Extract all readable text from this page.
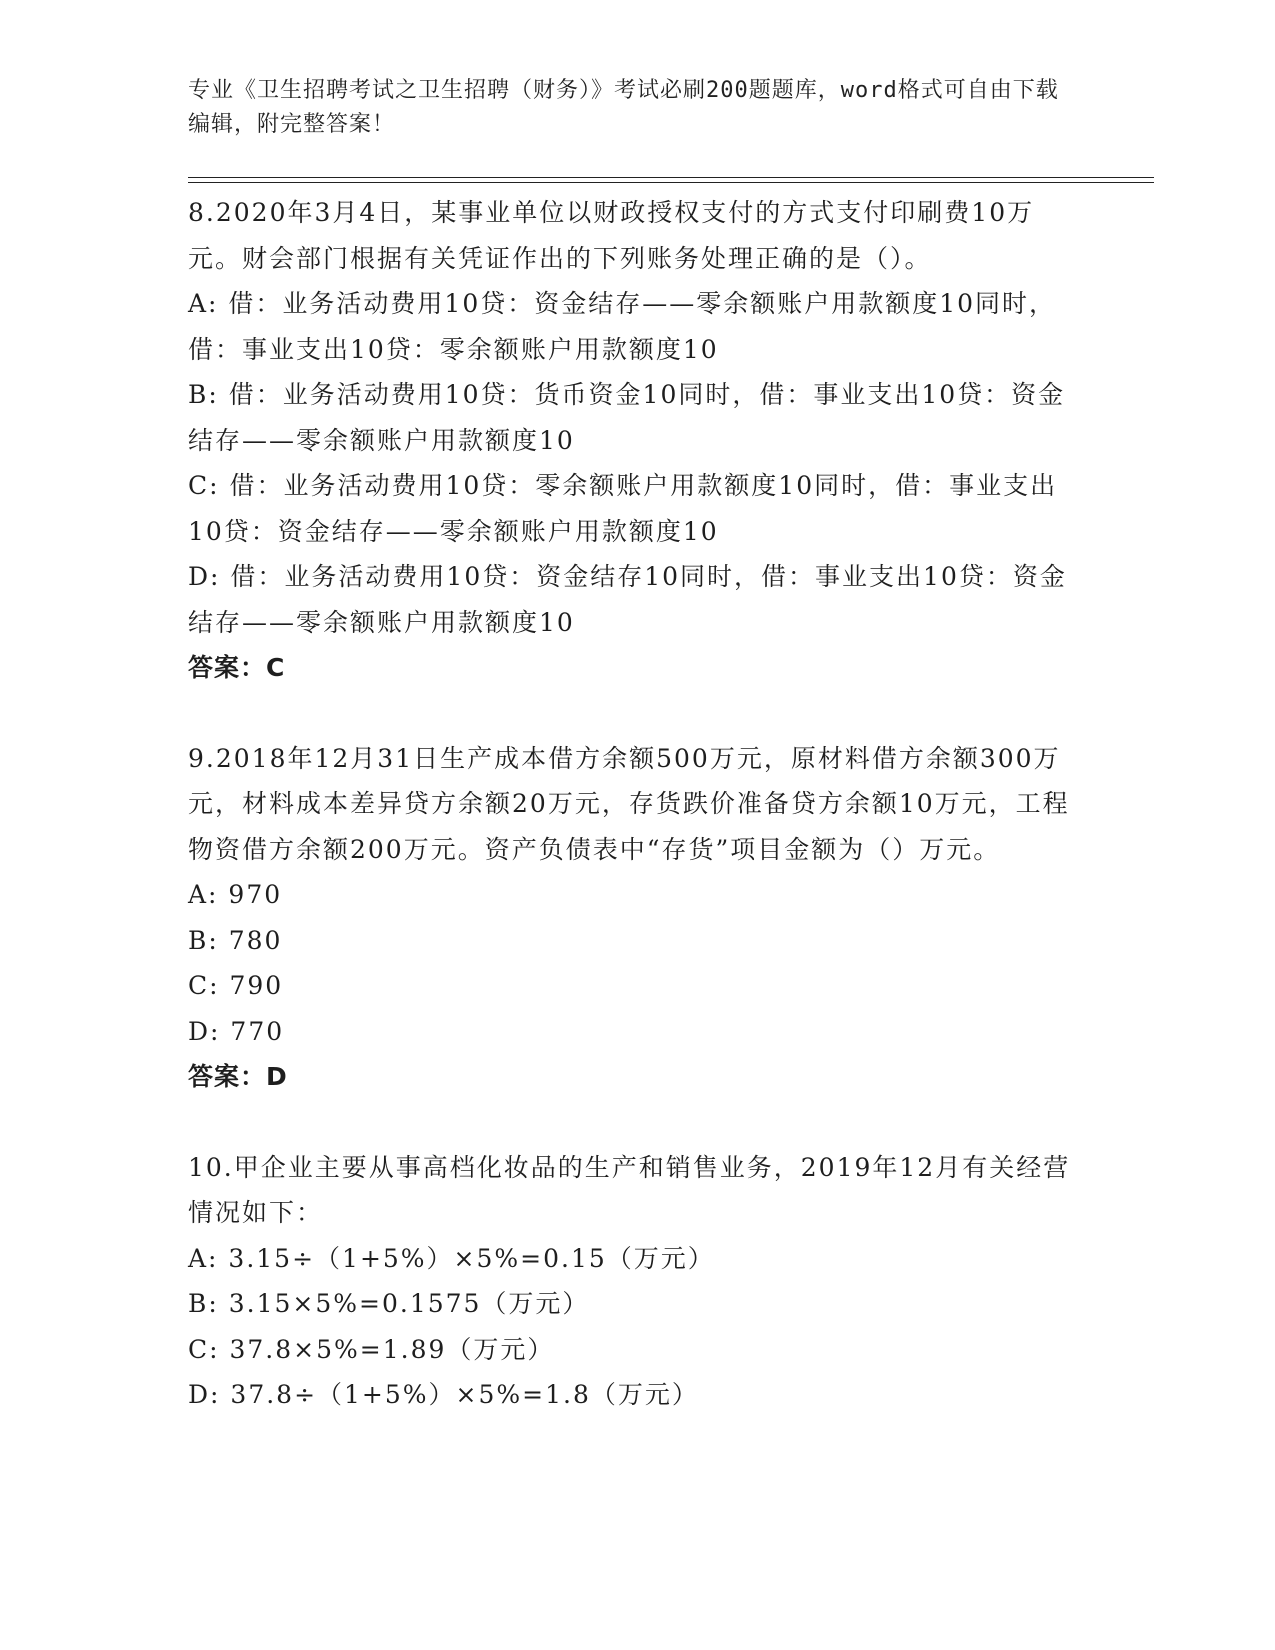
专业《卫生招聘考试之卫生招聘（财务）》考试必刷200题题库，word格式可自由下载编辑，附完整答案！

8.2020年3月4日，某事业单位以财政授权支付的方式支付印刷费10万元。财会部门根据有关凭证作出的下列账务处理正确的是（）。

A: 借：业务活动费用10贷：资金结存——零余额账户用款额度10同时，借：事业支出10贷：零余额账户用款额度10

B: 借：业务活动费用10贷：货币资金10同时，借：事业支出10贷：资金结存——零余额账户用款额度10

C: 借：业务活动费用10贷：零余额账户用款额度10同时，借：事业支出10贷：资金结存——零余额账户用款额度10

D: 借：业务活动费用10贷：资金结存10同时，借：事业支出10贷：资金结存——零余额账户用款额度10

答案：C

9.2018年12月31日生产成本借方余额500万元，原材料借方余额300万元，材料成本差异贷方余额20万元，存货跌价准备贷方余额10万元，工程物资借方余额200万元。资产负债表中“存货”项目金额为（）万元。

A: 970

B: 780

C: 790

D: 770

答案：D

10.甲企业主要从事高档化妆品的生产和销售业务，2019年12月有关经营情况如下：

A: 3.15÷（1+5%）×5%=0.15（万元）

B: 3.15×5%=0.1575（万元）

C: 37.8×5%=1.89（万元）

D: 37.8÷（1+5%）×5%=1.8（万元）
